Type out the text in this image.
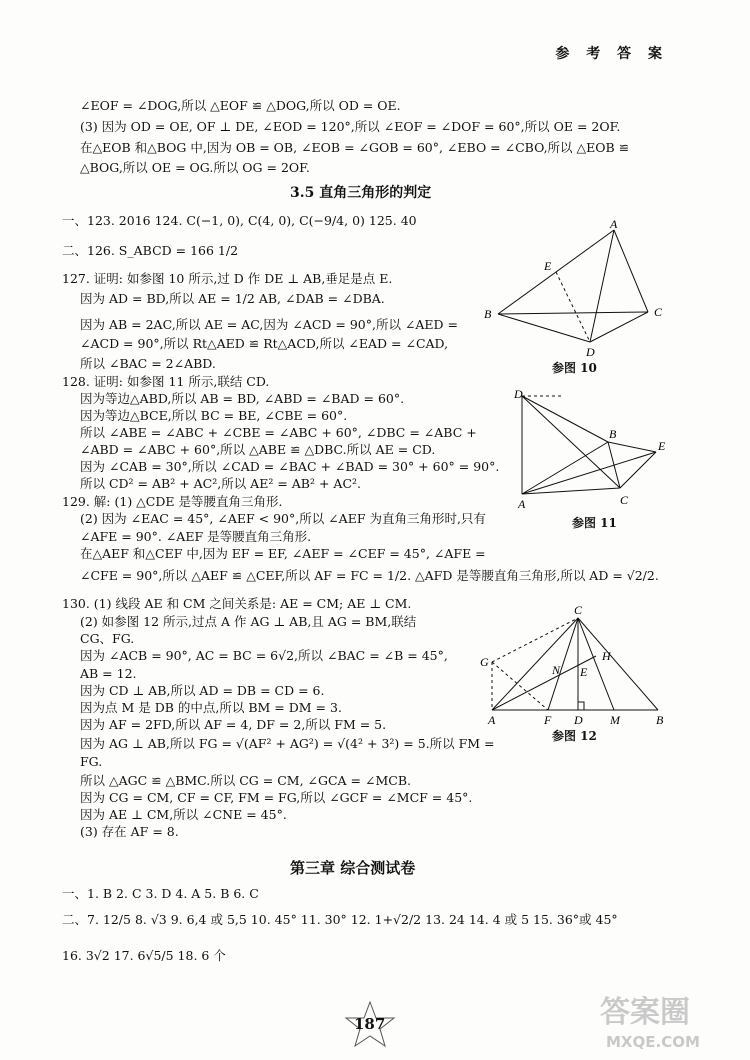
参 考 答 案
∠EOF = ∠DOG,所以 △EOF ≌ △DOG,所以 OD = OE.
(3) 因为 OD = OE, OF ⊥ DE, ∠EOD = 120°,所以 ∠EOF = ∠DOF = 60°,所以 OE = 2OF.
在△EOB 和△BOG 中,因为 OB = OB, ∠EOB = ∠GOB = 60°, ∠EBO = ∠CBO,所以 △EOB ≌
△BOG,所以 OE = OG.所以 OG = 2OF.
3.5 直角三角形的判定
一、123. 2016 124. C(−1, 0), C(4, 0), C(−9/4, 0) 125. 40
二、126. S_ABCD = 166 1/2
127. 证明: 如参图 10 所示,过 D 作 DE ⊥ AB,垂足是点 E.
因为 AD = BD,所以 AE = 1/2 AB, ∠DAB = ∠DBA.
因为 AB = 2AC,所以 AE = AC,因为 ∠ACD = 90°,所以 ∠AED =
∠ACD = 90°,所以 Rt△AED ≌ Rt△ACD,所以 ∠EAD = ∠CAD,
所以 ∠BAC = 2∠ABD.
128. 证明: 如参图 11 所示,联结 CD.
因为等边△ABD,所以 AB = BD, ∠ABD = ∠BAD = 60°.
因为等边△BCE,所以 BC = BE, ∠CBE = 60°.
所以 ∠ABE = ∠ABC + ∠CBE = ∠ABC + 60°, ∠DBC = ∠ABC +
∠ABD = ∠ABC + 60°,所以 △ABE ≌ △DBC.所以 AE = CD.
因为 ∠CAB = 30°,所以 ∠CAD = ∠BAC + ∠BAD = 30° + 60° = 90°.
所以 CD² = AB² + AC²,所以 AE² = AB² + AC².
129. 解: (1) △CDE 是等腰直角三角形.
(2) 因为 ∠EAC = 45°, ∠AEF < 90°,所以 ∠AEF 为直角三角形时,只有
∠AFE = 90°. ∠AEF 是等腰直角三角形.
在△AEF 和△CEF 中,因为 EF = EF, ∠AEF = ∠CEF = 45°, ∠AFE =
∠CFE = 90°,所以 △AEF ≌ △CEF,所以 AF = FC = 1/2. △AFD 是等腰直角三角形,所以 AD = √2/2.
130. (1) 线段 AE 和 CM 之间关系是: AE = CM; AE ⊥ CM.
(2) 如参图 12 所示,过点 A 作 AG ⊥ AB,且 AG = BM,联结
CG、FG.
因为 ∠ACB = 90°, AC = BC = 6√2,所以 ∠BAC = ∠B = 45°,
AB = 12.
因为 CD ⊥ AB,所以 AD = DB = CD = 6.
因为点 M 是 DB 的中点,所以 BM = DM = 3.
因为 AF = 2FD,所以 AF = 4, DF = 2,所以 FM = 5.
因为 AG ⊥ AB,所以 FG = √(AF² + AG²) = √(4² + 3²) = 5.所以 FM =
FG.
所以 △AGC ≌ △BMC.所以 CG = CM, ∠GCA = ∠MCB.
因为 CG = CM, CF = CF, FM = FG,所以 ∠GCF = ∠MCF = 45°.
因为 AE ⊥ CM,所以 ∠CNE = 45°.
(3) 存在 AF = 8.
第三章 综合测试卷
一、1. B 2. C 3. D 4. A 5. B 6. C
二、7. 12/5 8. √3 9. 6,4 或 5,5 10. 45° 11. 30° 12. 1+√2/2 13. 24 14. 4 或 5 15. 36°或 45°
16. 3√2 17. 6√5/5 18. 6 个
A
B	C
D
E
参图 10
D
B
E
A	C
参图 11
C
G
N
H
E
A	F D M	B
参图 12
187	答案圈
MXQE.COM
